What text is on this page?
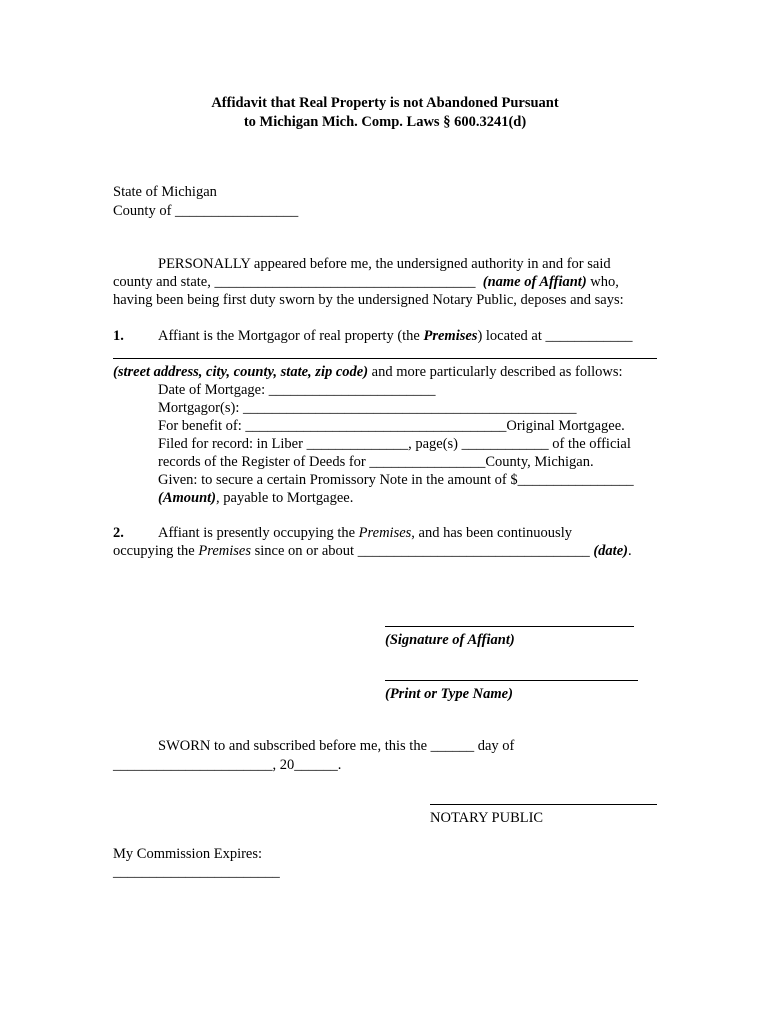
Affidavit that Real Property is not Abandoned Pursuant
to Michigan Mich. Comp. Laws § 600.3241(d)
State of Michigan
County of _________________
PERSONALLY appeared before me, the undersigned authority in and for said
county and state, ____________________________________  (name of Affiant) who,
having been being first duty sworn by the undersigned Notary Public, deposes and says:
1. Affiant is the Mortgagor of real property (the Premises) located at ____________
(street address, city, county, state, zip code) and more particularly described as follows:
Date of Mortgage: _______________________
Mortgagor(s): ______________________________________________
For benefit of: ____________________________________Original Mortgagee.
Filed for record: in Liber ______________, page(s) ____________ of the official
records of the Register of Deeds for ________________County, Michigan.
Given: to secure a certain Promissory Note in the amount of $________________
(Amount), payable to Mortgagee.
2. Affiant is presently occupying the Premises, and has been continuously
occupying the Premises since on or about ________________________________ (date).
(Signature of Affiant)
(Print or Type Name)
SWORN to and subscribed before me, this the ______ day of
______________________, 20______.
NOTARY PUBLIC
My Commission Expires:
_______________________
